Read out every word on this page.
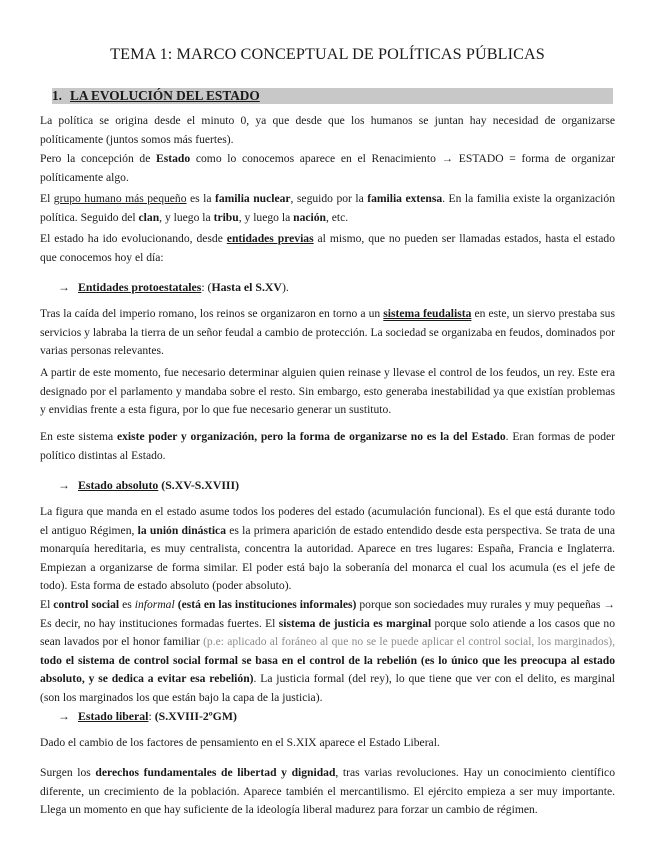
TEMA 1: MARCO CONCEPTUAL DE POLÍTICAS PÚBLICAS
1. LA EVOLUCIÓN DEL ESTADO

La política se origina desde el minuto 0, ya que desde que los humanos se juntan hay necesidad de organizarse políticamente (juntos somos más fuertes).

Pero la concepción de Estado como lo conocemos aparece en el Renacimiento → ESTADO = forma de organizar políticamente algo.

El grupo humano más pequeño es la familia nuclear, seguido por la familia extensa. En la familia existe la organización política. Seguido del clan, y luego la tribu, y luego la nación, etc.

El estado ha ido evolucionando, desde entidades previas al mismo, que no pueden ser llamadas estados, hasta el estado que conocemos hoy el día:

→ Entidades protoestatales: (Hasta el S.XV).

Tras la caída del imperio romano, los reinos se organizaron en torno a un sistema feudalista en este, un siervo prestaba sus servicios y labraba la tierra de un señor feudal a cambio de protección. La sociedad se organizaba en feudos, dominados por varias personas relevantes.

A partir de este momento, fue necesario determinar alguien quien reinase y llevase el control de los feudos, un rey. Este era designado por el parlamento y mandaba sobre el resto. Sin embargo, esto generaba inestabilidad ya que existían problemas y envidias frente a esta figura, por lo que fue necesario generar un sustituto.

En este sistema existe poder y organización, pero la forma de organizarse no es la del Estado. Eran formas de poder político distintas al Estado.

→ Estado absoluto (S.XV-S.XVIII)

La figura que manda en el estado asume todos los poderes del estado (acumulación funcional). Es el que está durante todo el antiguo Régimen, la unión dinástica es la primera aparición de estado entendido desde esta perspectiva. Se trata de una monarquía hereditaria, es muy centralista, concentra la autoridad. Aparece en tres lugares: España, Francia e Inglaterra. Empiezan a organizarse de forma similar. El poder está bajo la soberanía del monarca el cual los acumula (es el jefe de todo). Esta forma de estado absoluto (poder absoluto).

El control social es informal (está en las instituciones informales) porque son sociedades muy rurales y muy pequeñas → Es decir, no hay instituciones formadas fuertes. El sistema de justicia es marginal porque solo atiende a los casos que no sean lavados por el honor familiar (p.e: aplicado al foráneo al que no se le puede aplicar el control social, los marginados), todo el sistema de control social formal se basa en el control de la rebelión (es lo único que les preocupa al estado absoluto, y se dedica a evitar esa rebelión). La justicia formal (del rey), lo que tiene que ver con el delito, es marginal (son los marginados los que están bajo la capa de la justicia).

→ Estado liberal: (S.XVIII-2ºGM)

Dado el cambio de los factores de pensamiento en el S.XIX aparece el Estado Liberal.

Surgen los derechos fundamentales de libertad y dignidad, tras varias revoluciones. Hay un conocimiento científico diferente, un crecimiento de la población. Aparece también el mercantilismo. El ejército empieza a ser muy importante. Llega un momento en que hay suficiente de la ideología liberal madurez para forzar un cambio de régimen.
